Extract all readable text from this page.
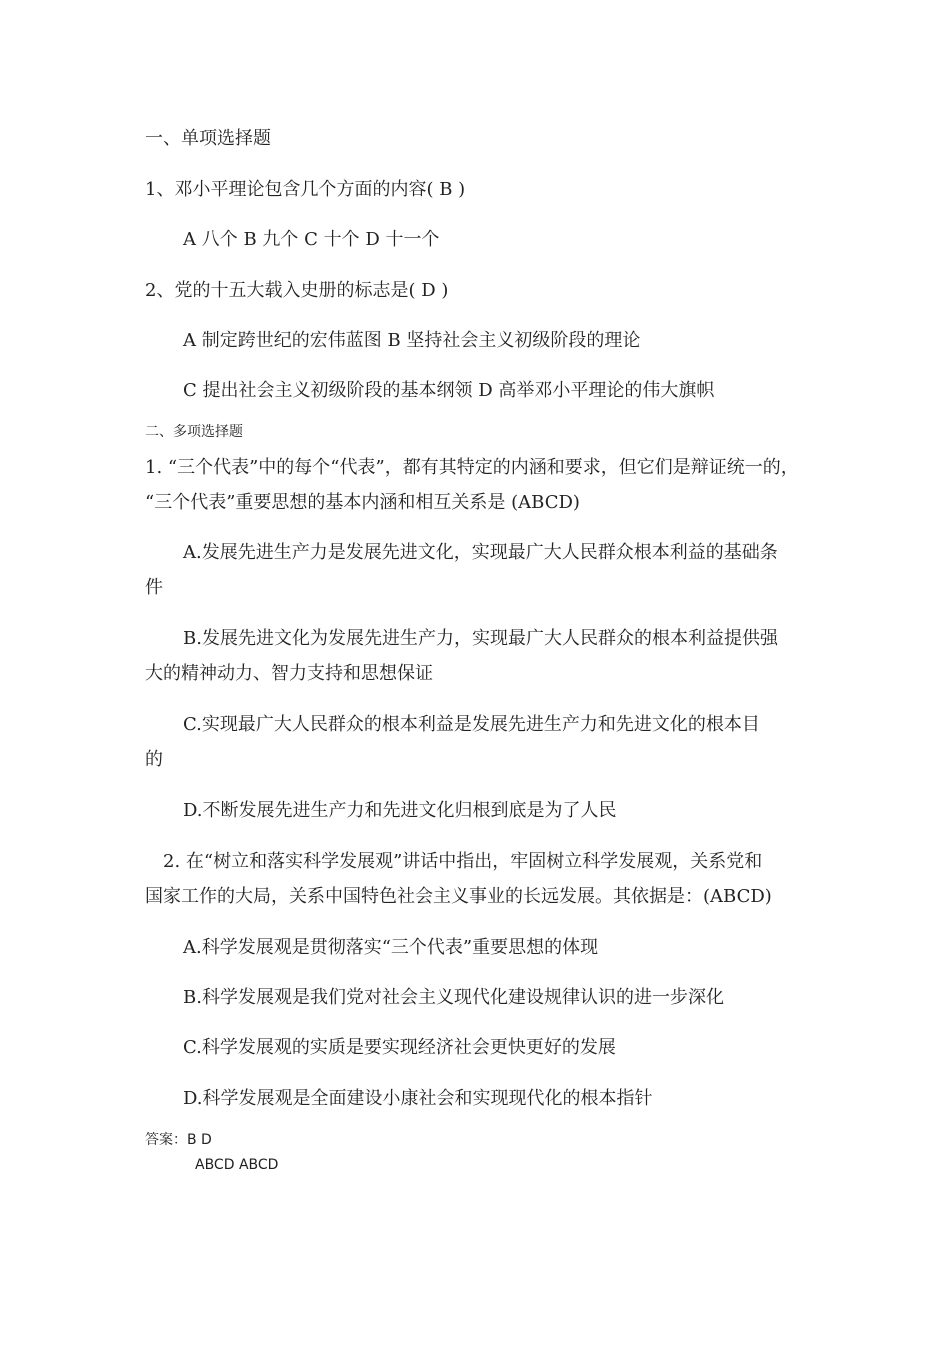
一、单项选择题
1、邓小平理论包含几个方面的内容( B )
A 八个 B 九个 C 十个 D 十一个
2、党的十五大载入史册的标志是( D )
A 制定跨世纪的宏伟蓝图 B 坚持社会主义初级阶段的理论
C 提出社会主义初级阶段的基本纲领 D 高举邓小平理论的伟大旗帜
二、多项选择题
1. “三个代表”中的每个“代表”，都有其特定的内涵和要求，但它们是辩证统一的，
“三个代表”重要思想的基本内涵和相互关系是 (ABCD)
A.发展先进生产力是发展先进文化，实现最广大人民群众根本利益的基础条
件
B.发展先进文化为发展先进生产力，实现最广大人民群众的根本利益提供强
大的精神动力、智力支持和思想保证
C.实现最广大人民群众的根本利益是发展先进生产力和先进文化的根本目
的
D.不断发展先进生产力和先进文化归根到底是为了人民
2. 在“树立和落实科学发展观”讲话中指出，牢固树立科学发展观，关系党和
国家工作的大局，关系中国特色社会主义事业的长远发展。其依据是：(ABCD)
A.科学发展观是贯彻落实“三个代表”重要思想的体现
B.科学发展观是我们党对社会主义现代化建设规律认识的进一步深化
C.科学发展观的实质是要实现经济社会更快更好的发展
D.科学发展观是全面建设小康社会和实现现代化的根本指针
答案：B D
ABCD ABCD
